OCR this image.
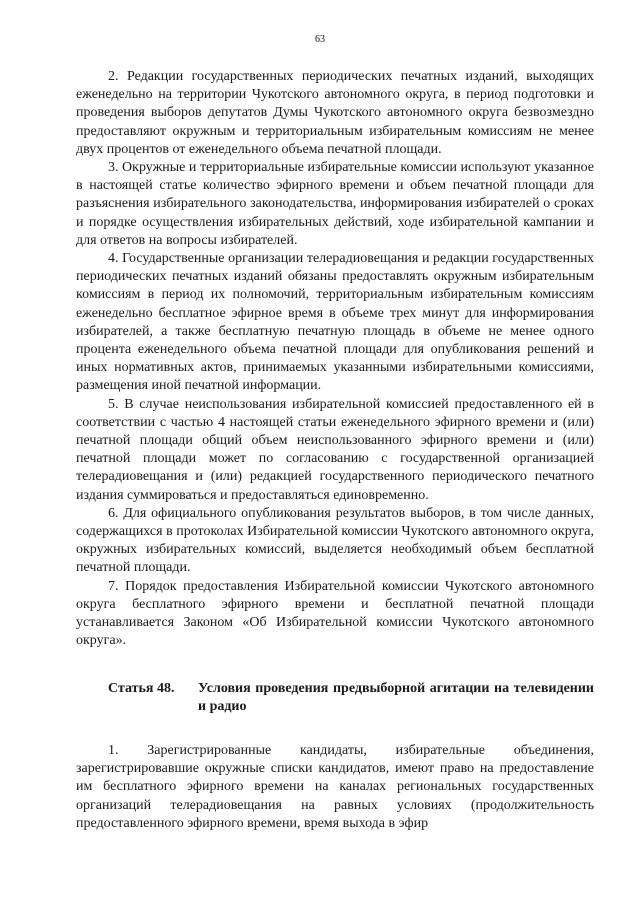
63

2. Редакции государственных периодических печатных изданий, выходящих еженедельно на территории Чукотского автономного округа, в период подготовки и проведения выборов депутатов Думы Чукотского автономного округа безвозмездно предоставляют окружным и территориальным избирательным комиссиям не менее двух процентов от еженедельного объема печатной площади.

3. Окружные и территориальные избирательные комиссии используют указанное в настоящей статье количество эфирного времени и объем печатной площади для разъяснения избирательного законодательства, информирования избирателей о сроках и порядке осуществления избирательных действий, ходе избирательной кампании и для ответов на вопросы избирателей.

4. Государственные организации телерадиовещания и редакции государственных периодических печатных изданий обязаны предоставлять окружным избирательным комиссиям в период их полномочий, территориальным избирательным комиссиям еженедельно бесплатное эфирное время в объеме трех минут для информирования избирателей, а также бесплатную печатную площадь в объеме не менее одного процента еженедельного объема печатной площади для опубликования решений и иных нормативных актов, принимаемых указанными избирательными комиссиями, размещения иной печатной информации.

5. В случае неиспользования избирательной комиссией предоставленного ей в соответствии с частью 4 настоящей статьи еженедельного эфирного времени и (или) печатной площади общий объем неиспользованного эфирного времени и (или) печатной площади может по согласованию с государственной организацией телерадиовещания и (или) редакцией государственного периодического печатного издания суммироваться и предоставляться единовременно.

6. Для официального опубликования результатов выборов, в том числе данных, содержащихся в протоколах Избирательной комиссии Чукотского автономного округа, окружных избирательных комиссий, выделяется необходимый объем бесплатной печатной площади.

7. Порядок предоставления Избирательной комиссии Чукотского автономного округа бесплатного эфирного времени и бесплатной печатной площади устанавливается Законом «Об Избирательной комиссии Чукотского автономного округа».

Статья 48.	Условия проведения предвыборной агитации на телевидении и радио

1. Зарегистрированные кандидаты, избирательные объединения, зарегистрировавшие окружные списки кандидатов, имеют право на предоставление им бесплатного эфирного времени на каналах региональных государственных организаций телерадиовещания на равных условиях (продолжительность предоставленного эфирного времени, время выхода в эфир
